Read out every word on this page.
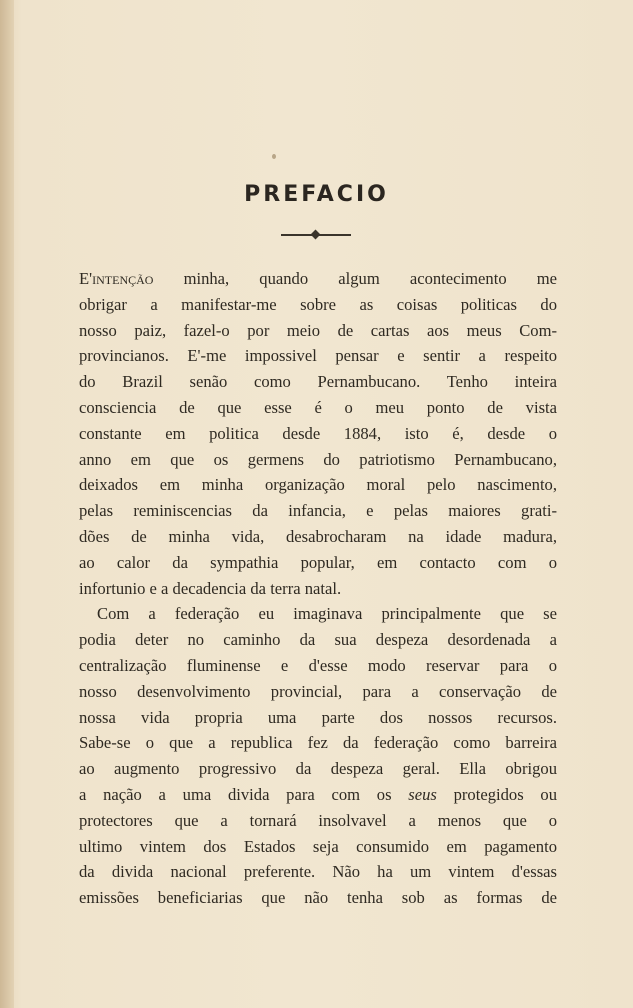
PREFACIO
E'intenção minha, quando algum acontecimento me
obrigar a manifestar-me sobre as coisas politicas do
nosso paiz, fazel-o por meio de cartas aos meus Com-
provincianos. E'-me impossivel pensar e sentir a respeito
do Brazil senão como Pernambucano. Tenho inteira
consciencia de que esse é o meu ponto de vista
constante em politica desde 1884, isto é, desde o
anno em que os germens do patriotismo Pernambucano,
deixados em minha organização moral pelo nascimento,
pelas reminiscencias da infancia, e pelas maiores grati-
dões de minha vida, desabrocharam na idade madura,
ao calor da sympathia popular, em contacto com o
infortunio e a decadencia da terra natal.
Com a federação eu imaginava principalmente que se
podia deter no caminho da sua despeza desordenada a
centralização fluminense e d'esse modo reservar para o
nosso desenvolvimento provincial, para a conservação de
nossa vida propria uma parte dos nossos recursos.
Sabe-se o que a republica fez da federação como barreira
ao augmento progressivo da despeza geral. Ella obrigou
a nação a uma divida para com os seus protegidos ou
protectores que a tornará insolvavel a menos que o
ultimo vintem dos Estados seja consumido em pagamento
da divida nacional preferente. Não ha um vintem d'essas
emissões beneficiarias que não tenha sob as formas de
